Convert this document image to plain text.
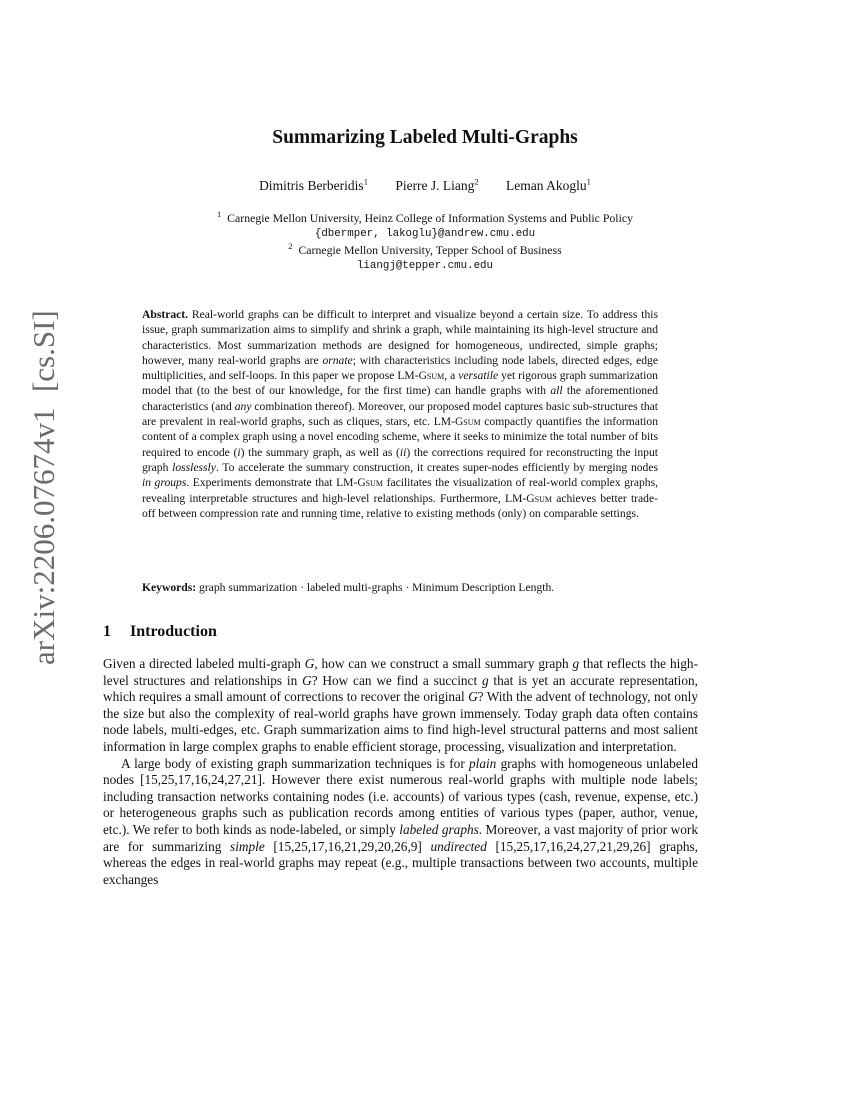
arXiv:2206.07674v1  [cs.SI]  15 Jun 2022
Summarizing Labeled Multi-Graphs
Dimitris Berberidis$^1$ Pierre J. Liang$^2$ Leman Akoglu$^1$
$^1$ Carnegie Mellon University, Heinz College of Information Systems and Public Policy
{dbermper, lakoglu}@andrew.cmu.edu
$^2$ Carnegie Mellon University, Tepper School of Business
liangj@tepper.cmu.edu

Abstract. Real-world graphs can be difficult to interpret and visualize beyond a certain size. To address this issue, graph summarization aims to simplify and shrink a graph, while maintaining its high-level structure and characteristics. Most summarization methods are designed for homogeneous, undirected, simple graphs; however, many real-world graphs are ornate; with characteristics including node labels, directed edges, edge multiplicities, and self-loops. In this paper we propose LM-Gsum, a versatile yet rigorous graph summarization model that (to the best of our knowledge, for the first time) can handle graphs with all the aforementioned characteristics (and any combination thereof). Moreover, our proposed model captures basic sub-structures that are prevalent in real-world graphs, such as cliques, stars, etc. LM-Gsum compactly quantifies the information content of a complex graph using a novel encoding scheme, where it seeks to minimize the total number of bits required to encode (i) the summary graph, as well as (ii) the corrections required for reconstructing the input graph losslessly. To accelerate the summary construction, it creates super-nodes efficiently by merging nodes in groups. Experiments demonstrate that LM-Gsum facilitates the visualization of real-world complex graphs, revealing interpretable structures and high-level relationships. Furthermore, LM-Gsum achieves better trade-off between compression rate and running time, relative to existing methods (only) on comparable settings.

Keywords: graph summarization · labeled multi-graphs · Minimum Description Length.

1 Introduction

Given a directed labeled multi-graph G, how can we construct a small summary graph g that reflects the high-level structures and relationships in G? How can we find a succinct g that is yet an accurate representation, which requires a small amount of corrections to recover the original G? With the advent of technology, not only the size but also the complexity of real-world graphs have grown immensely. Today graph data often contains node labels, multi-edges, etc. Graph summarization aims to find high-level structural patterns and most salient information in large complex graphs to enable efficient storage, processing, visualization and interpretation.

A large body of existing graph summarization techniques is for plain graphs with homogeneous unlabeled nodes [15,25,17,16,24,27,21]. However there exist numerous real-world graphs with multiple node labels; including transaction networks containing nodes (i.e. accounts) of various types (cash, revenue, expense, etc.) or heterogeneous graphs such as publication records among entities of various types (paper, author, venue, etc.). We refer to both kinds as node-labeled, or simply labeled graphs. Moreover, a vast majority of prior work are for summarizing simple [15,25,17,16,21,29,20,26,9] undirected [15,25,17,16,24,27,21,29,26] graphs, whereas the edges in real-world graphs may repeat (e.g., multiple transactions between two accounts, multiple exchanges
